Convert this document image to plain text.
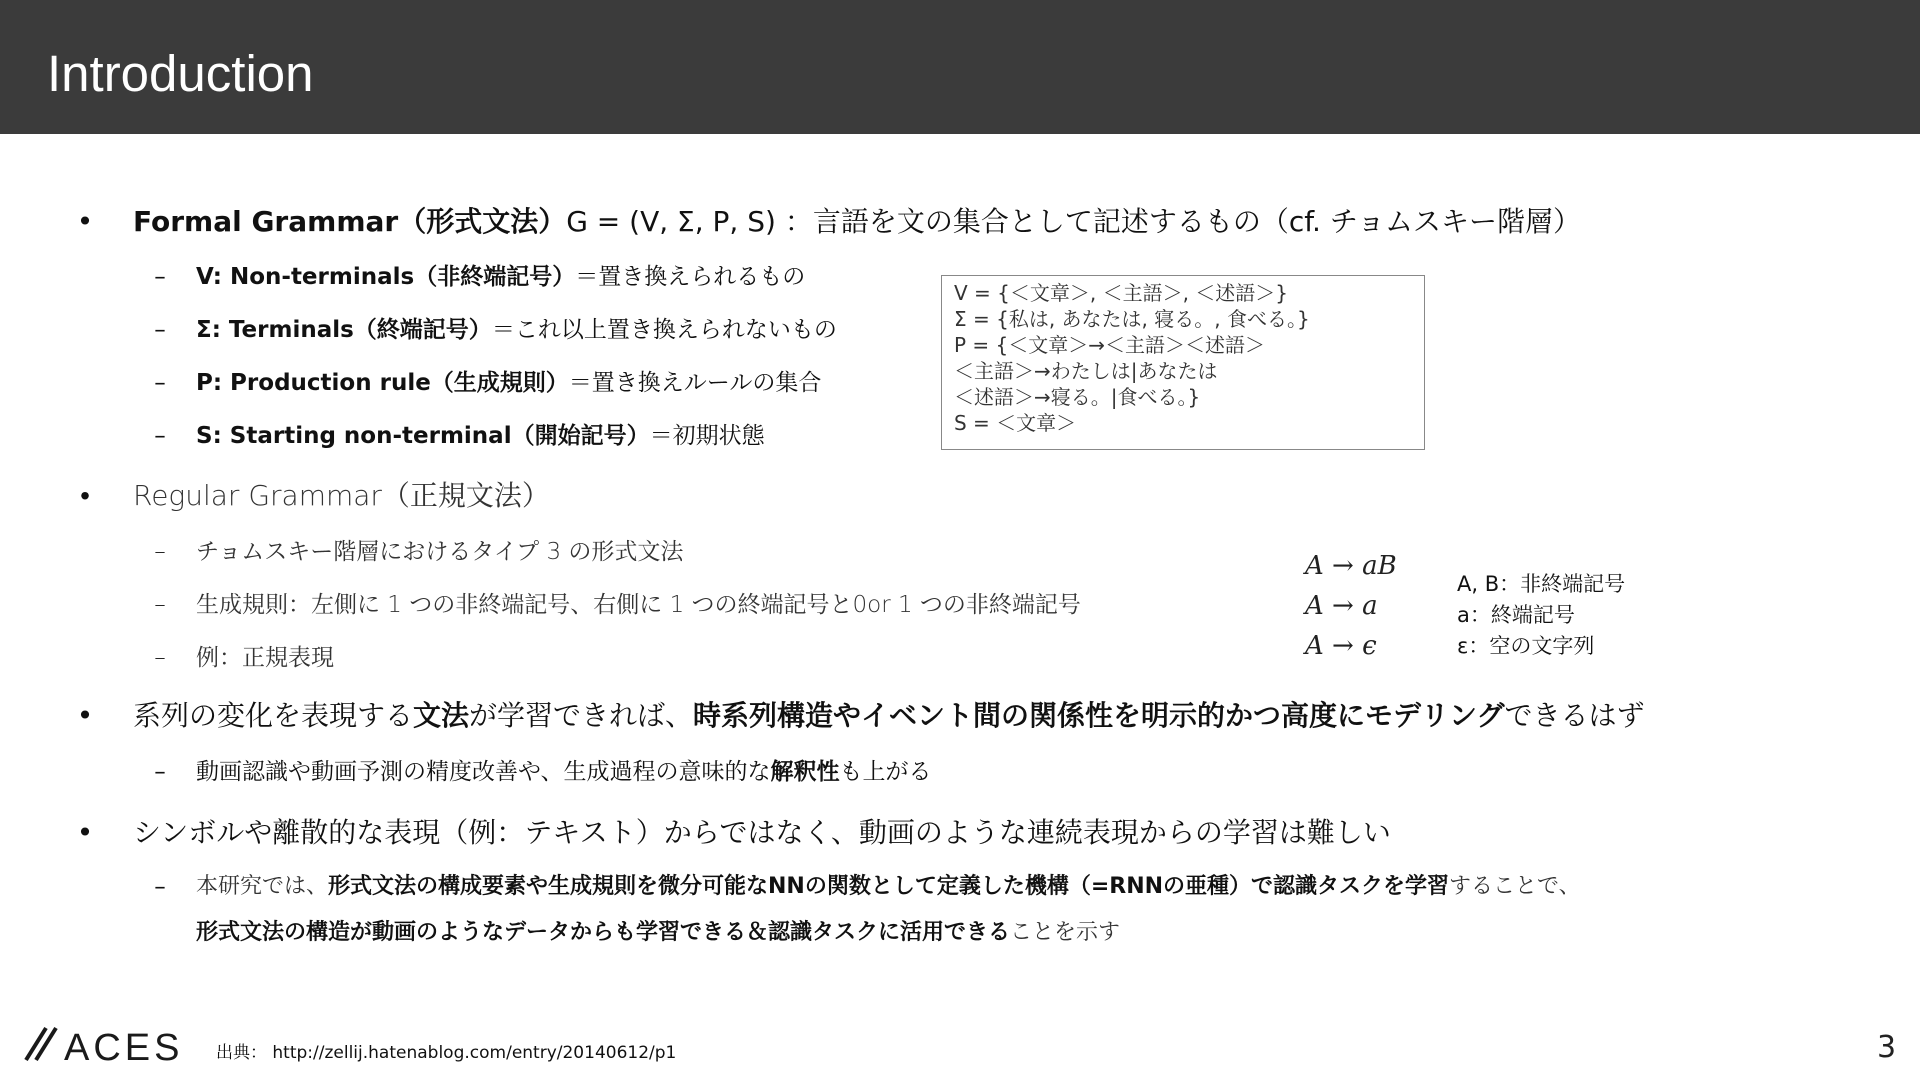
Introduction
• Formal Grammar（形式文法）G = (V, Σ, P, S) ：言語を文の集合として記述するもの（cf. チョムスキー階層）
– V: Non-terminals（非終端記号）＝置き換えられるもの
– Σ: Terminals（終端記号）＝これ以上置き換えられないもの
– P: Production rule（生成規則）＝置き換えルールの集合
– S: Starting non-terminal（開始記号）＝初期状態
V = {＜文章＞, ＜主語＞, ＜述語＞}
Σ = {私は, あなたは, 寝る。, 食べる。}
P = {＜文章＞→＜主語＞＜述語＞
＜主語＞→わたしは|あなたは
＜述語＞→寝る。|食べる。}
S = ＜文章＞
• Regular Grammar（正規文法）
– チョムスキー階層におけるタイプ 3 の形式文法
– 生成規則：左側に 1 つの非終端記号、右側に 1 つの終端記号と0or 1 つの非終端記号
– 例：正規表現
A → aB
A → a
A → ϵ
A, B：非終端記号
a：終端記号
ε：空の文字列
• 系列の変化を表現する文法が学習できれば、時系列構造やイベント間の関係性を明示的かつ高度にモデリングできるはず
– 動画認識や動画予測の精度改善や、生成過程の意味的な解釈性も上がる
• シンボルや離散的な表現（例：テキスト）からではなく、動画のような連続表現からの学習は難しい
– 本研究では、形式文法の構成要素や生成規則を微分可能なNNの関数として定義した機構（=RNNの亜種）で認識タスクを学習することで、
形式文法の構造が動画のようなデータからも学習できる＆認識タスクに活用できることを示す
ACES 出典： http://zellij.hatenablog.com/entry/20140612/p1	3
